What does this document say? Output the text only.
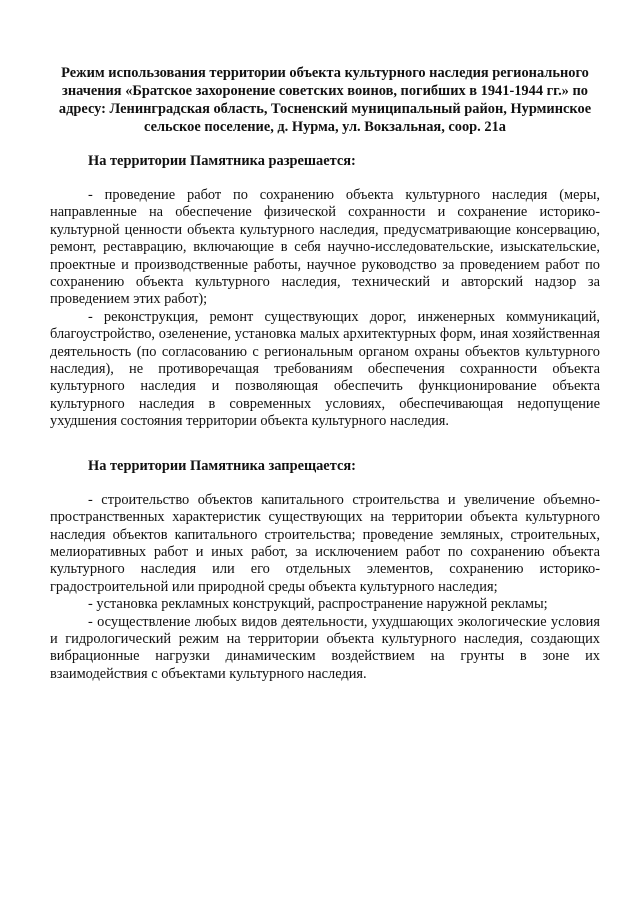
Режим использования территории объекта культурного наследия регионального значения «Братское захоронение советских воинов, погибших в 1941-1944 гг.» по адресу: Ленинградская область, Тосненский муниципальный район, Нурминское сельское поселение, д. Нурма, ул. Вокзальная, соор. 21а
На территории Памятника разрешается:
- проведение работ по сохранению объекта культурного наследия (меры, направленные на обеспечение физической сохранности и сохранение историко-культурной ценности объекта культурного наследия, предусматривающие консервацию, ремонт, реставрацию, включающие в себя научно-исследовательские, изыскательские, проектные и производственные работы, научное руководство за проведением работ по сохранению объекта культурного наследия, технический и авторский надзор за проведением этих работ);
- реконструкция, ремонт существующих дорог, инженерных коммуникаций, благоустройство, озеленение, установка малых архитектурных форм, иная хозяйственная деятельность (по согласованию с региональным органом охраны объектов культурного наследия), не противоречащая требованиям обеспечения сохранности объекта культурного наследия и позволяющая обеспечить функционирование объекта культурного наследия в современных условиях, обеспечивающая недопущение ухудшения состояния территории объекта культурного наследия.
На территории Памятника запрещается:
- строительство объектов капитального строительства и увеличение объемно-пространственных характеристик существующих на территории объекта культурного наследия объектов капитального строительства; проведение земляных, строительных, мелиоративных работ и иных работ, за исключением работ по сохранению объекта культурного наследия или его отдельных элементов, сохранению историко-градостроительной или природной среды объекта культурного наследия;
- установка рекламных конструкций, распространение наружной рекламы;
- осуществление любых видов деятельности, ухудшающих экологические условия и гидрологический режим на территории объекта культурного наследия, создающих вибрационные нагрузки динамическим воздействием на грунты в зоне их взаимодействия с объектами культурного наследия.
